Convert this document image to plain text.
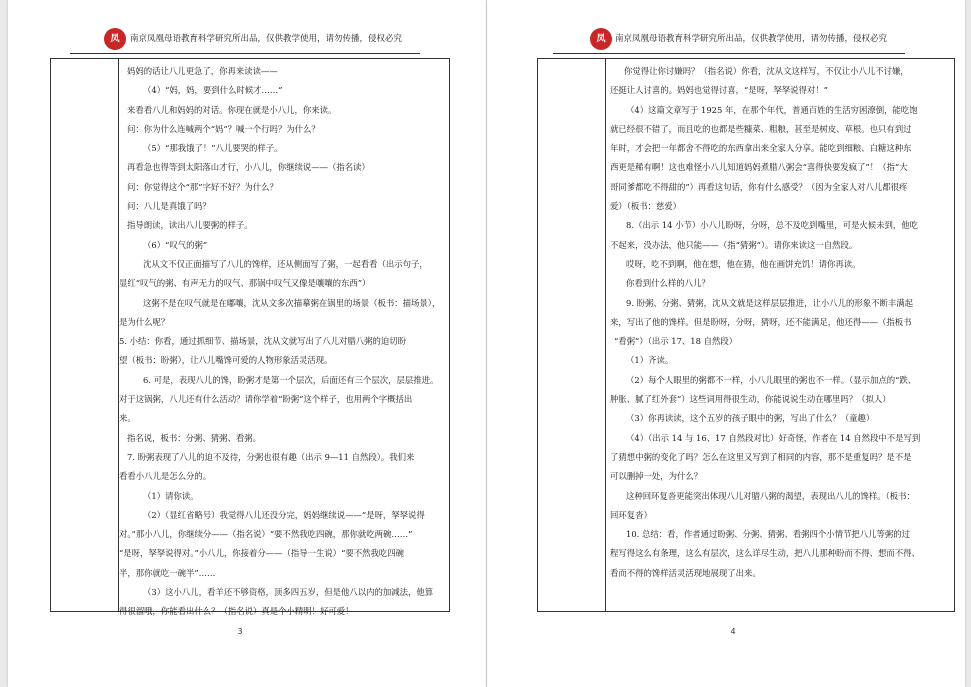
凤	南京凤凰母语教育科学研究所出品，仅供教学使用，请勿传播，侵权必究

妈妈的话让八儿更急了，你再来读读——

（4）“妈，妈，要到什么时候才……”

来看看八儿和妈妈的对话。你现在就是小八儿，你来读。

问：你为什么连喊两个“妈”？喊一个行吗？为什么？

（5）“那我饿了！”八儿要哭的样子。

再看急也得等到太阳落山才行，小八儿，你继续说——（指名读）

问：你觉得这个“那”字好不好？为什么？

问：八儿是真饿了吗？

指导朗读，读出八儿要粥的样子。

（6）“叹气的粥”

沈从文不仅正面描写了八儿的馋样，还从侧面写了粥，一起看看（出示句子，

显红“叹气的粥、有声无力的叹气、那锅中叹气又像是嚷嚷的东西”）

这粥不是在叹气就是在嘟嚷，沈从文多次描摹粥在锅里的场景（板书：描场景），

是为什么呢？

5. 小结：你看，通过抓细节、描场景，沈从文就写出了八儿对腊八粥的迫切盼

望（板书：盼粥），让八儿嘴馋可爱的人物形象活灵活现。

6. 可是，表现八儿的馋，盼粥才是第一个层次，后面还有三个层次，层层推进。

对于这锅粥，八儿还有什么活动？请你学着“盼粥”这个样子，也用两个字概括出

来。

指名说，板书：分粥、猜粥、看粥。

7. 盼粥表现了八儿的迫不及待，分粥也很有趣（出示 9—11 自然段）。我们来

看看小八儿是怎么分的。

（1）请你读。

（2）（显红省略号）我觉得八儿还没分完，妈妈继续说——“是呀，孥孥说得

对。”那小八儿，你继续分——（指名说）“要不然我吃四碗，那你就吃两碗……”

“是呀，孥孥说得对。”小八儿，你接着分——（指导一生说）“要不然我吃四碗

半，那你就吃一碗半”……

（3）这小八儿，看羊还不够资格，顶多四五岁，但是他八以内的加减法，他算

得很溜哦，你能看出什么？（指名说）真是个小精明！好可爱！

3
凤	南京凤凰母语教育科学研究所出品，仅供教学使用，请勿传播，侵权必究

你觉得让你讨嫌吗？（指名说）你看，沈从文这样写，不仅让小八儿不讨嫌，

还挺让人讨喜的。妈妈也觉得讨喜，“是呀，孥孥说得对！”

（4）这篇文章写于 1925 年，在那个年代，普通百姓的生活穷困潦倒，能吃饱

就已经很不错了，而且吃的也都是些糠菜、粗粮，甚至是树皮、草根。也只有到过

年时，才会把一年都舍不得吃的东西拿出来全家人分享。能吃到细粮、白糖这种东

西更是稀有啊！这也难怪小八儿知道妈妈煮腊八粥会“喜得快要发疯了”！（指“大

哥同爹都吃不得甜的”）再看这句话，你有什么感受？（因为全家人对八儿都很疼

爱）（板书：慈爱）

8.（出示 14 小节）小八儿盼呀，分呀，总不及吃到嘴里，可是火候未到，他吃

不起来，没办法，他只能——（指“猜粥”）。请你来读这一自然段。

哎呀，吃不到啊，他在想，他在猜，他在画饼充饥！请你再读。

你看到什么样的八儿？

9. 盼粥、分粥、猜粥，沈从文就是这样层层推进，让小八儿的形象不断丰满起

来，写出了他的馋样。但是盼呀，分呀，猜呀，还不能满足，他还得——（指板书

“看粥”）（出示 17、18 自然段）

（1）齐读。

（2）每个人眼里的粥都不一样，小八儿眼里的粥也不一样。（显示加点的“跌、

肿胀、腻了红外套”）这些词用得很生动，你能说说生动在哪里吗？（拟人）

（3）你再读读，这个五岁的孩子眼中的粥，写出了什么？（童趣）

（4）（出示 14 与 16、17 自然段对比）好奇怪，作者在 14 自然段中不是写到

了猜想中粥的变化了吗？怎么在这里又写到了相同的内容，那不是重复吗？是不是

可以删掉一处，为什么？

这种回环复沓更能突出体现八儿对腊八粥的渴望，表现出八儿的馋样。（板书：

回环复沓）

10. 总结：看，作者通过盼粥、分粥、猜粥、看粥四个小情节把八儿等粥的过

程写得这么有条理，这么有层次，这么详尽生动，把八儿那种盼而不得、想而不得、

看而不得的馋样活灵活现地展现了出来。

4
